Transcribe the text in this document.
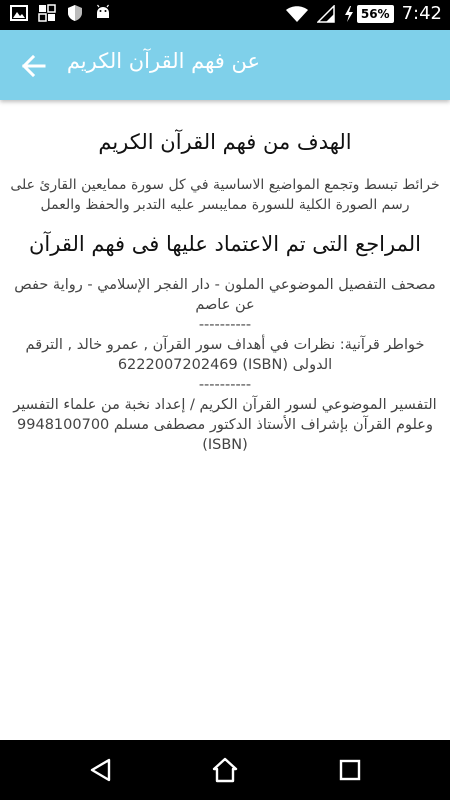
56% 7:42
عن فهم القرآن الكريم
الهدف من فهم القرآن الكريم
خرائط تبسط وتجمع المواضيع الاساسية في كل سورة ممايعين القارئ على رسم الصورة الكلية للسورة ممايبسر عليه التدبر والحفظ والعمل
المراجع التى تم الاعتماد عليها فى فهم القرآن
مصحف التفصيل الموضوعي الملون - دار الفجر الإسلامي - رواية حفص عن عاصم
----------
خواطر قرآنية: نظرات في أهداف سور القرآن , عمرو خالد , الترقم الدولى (ISBN) 6222007202469
----------
التفسير الموضوعي لسور القرآن الكريم / إعداد نخبة من علماء التفسير وعلوم القرآن بإشراف الأستاذ الدكتور مصطفى مسلم 9948100700 (ISBN)
